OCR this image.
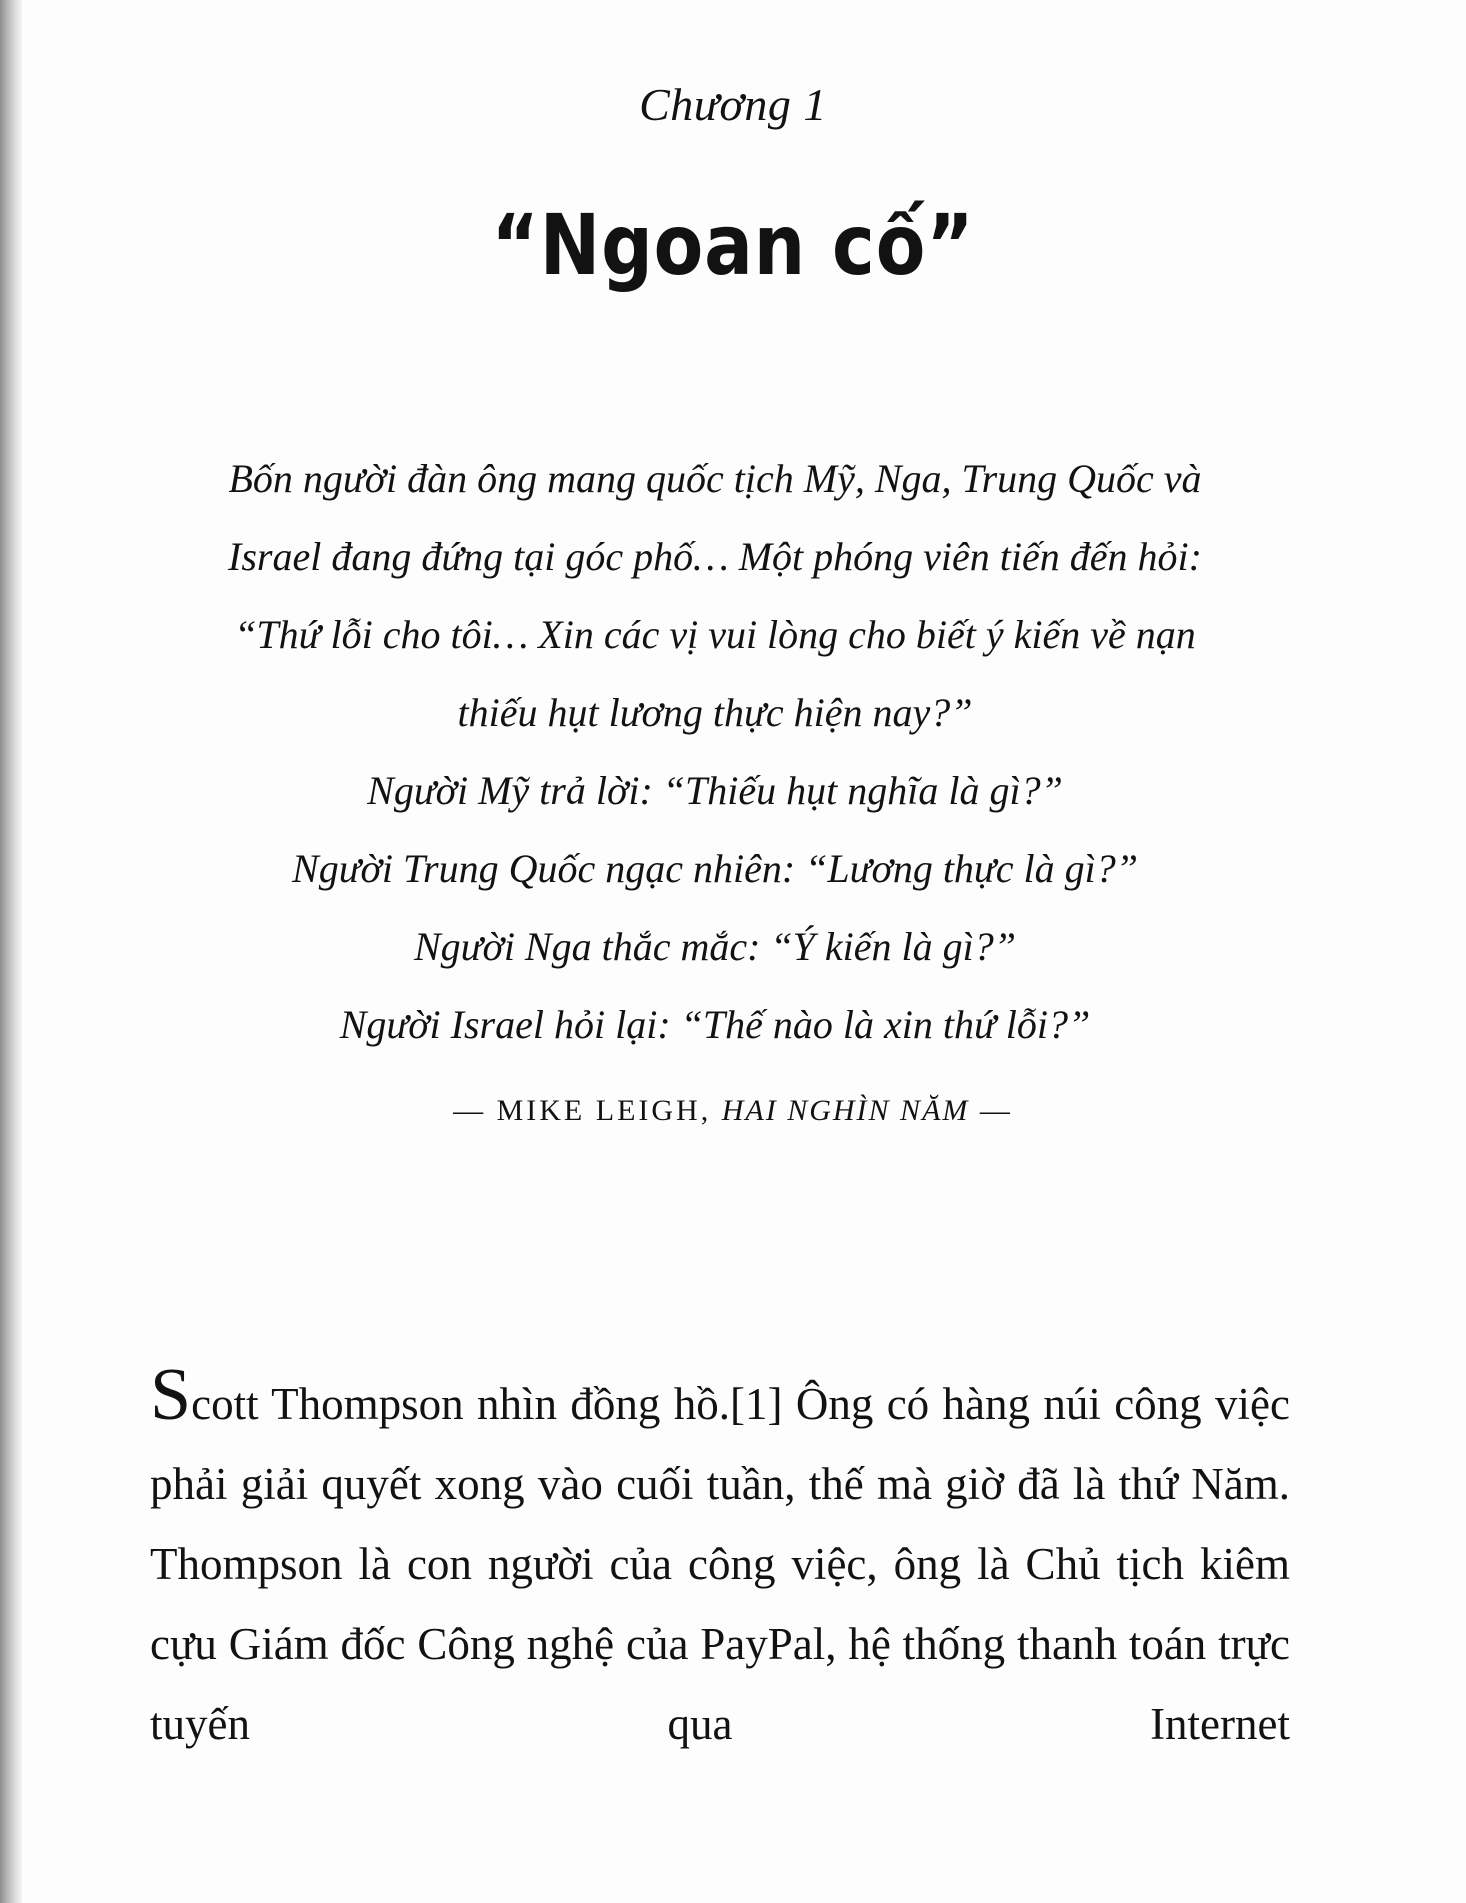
Chương 1
“Ngoan cố”

Bốn người đàn ông mang quốc tịch Mỹ, Nga, Trung Quốc và Israel đang đứng tại góc phố… Một phóng viên tiến đến hỏi: “Thứ lỗi cho tôi… Xin các vị vui lòng cho biết ý kiến về nạn thiếu hụt lương thực hiện nay?”

Người Mỹ trả lời: “Thiếu hụt nghĩa là gì?”

Người Trung Quốc ngạc nhiên: “Lương thực là gì?”

Người Nga thắc mắc: “Ý kiến là gì?”

Người Israel hỏi lại: “Thế nào là xin thứ lỗi?”

— MIKE LEIGH, HAI NGHÌN NĂM —
Scott Thompson nhìn đồng hồ.[1] Ông có hàng núi công việc phải giải quyết xong vào cuối tuần, thế mà giờ đã là thứ Năm. Thompson là con người của công việc, ông là Chủ tịch kiêm cựu Giám đốc Công nghệ của PayPal, hệ thống thanh toán trực tuyến qua Internet
